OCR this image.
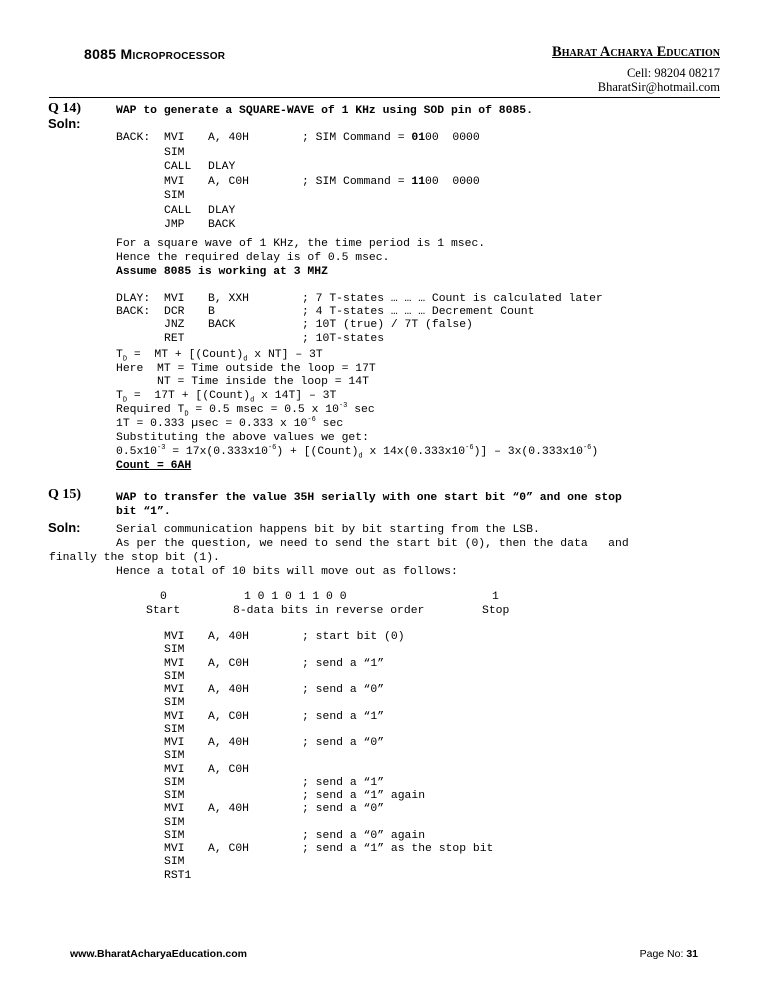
8085 Microprocessor	Bharat Acharya Education
Cell: 98204 08217
BharatSir@hotmail.com
Q 14)	WAP to generate a SQUARE-WAVE of 1 KHz using SOD pin of 8085.
Soln:
BACK: MVI A, 40H	; SIM Command = 0100  0000
SIM
CALL DLAY
MVI A, C0H	; SIM Command = 1100  0000
SIM
CALL DLAY
JMP BACK
For a square wave of 1 KHz, the time period is 1 msec.
Hence the required delay is of 0.5 msec.
Assume 8085 is working at 3 MHZ
DLAY: MVI B, XXH	; 7 T-states … … … Count is calculated later
BACK: DCR B	; 4 T-states … … … Decrement Count
JNZ BACK	; 10T (true) / 7T (false)
RET	; 10T-states
$T_D$ =  MT + [$(Count)_d$ x NT] – 3T
Here  MT = Time outside the loop = 17T
NT = Time inside the loop = 14T
$T_D = 17T$ + [$(Count)_d$ x 14T] – 3T
Required $T_D = 0.5$ msec = 0.5 x $10^{-3}$ sec
1T = 0.333 µsec = 0.333 x $10^{-6}$ sec
Substituting the above values we get:
$0.5x10^{-3} = 17x(0.333x10^{-6})$ + [$(Count)_d$ x $14x(0.333x10^{-6})] - 3x(0.333x10^{-6})$
Count = 6AH
Q 15)	WAP to transfer the value 35H serially with one start bit “0” and one stop
bit “1”.
Soln:	Serial communication happens bit by bit starting from the LSB.
As per the question, we need to send the start bit (0), then the data   and
finally the stop bit (1).
Hence a total of 10 bits will move out as follows:
0	1 0 1 0 1 1 0 0	1
Start	8-data bits in reverse order	Stop
MVI A, 40H	; start bit (0)
SIM
MVI A, C0H	; send a “1”
SIM
MVI A, 40H	; send a “0”
SIM
MVI A, C0H	; send a “1”
SIM
MVI A, 40H	; send a “0”
SIM
MVI A, C0H
SIM	; send a “1”
SIM	; send a “1” again
MVI A, 40H	; send a “0”
SIM
SIM	; send a “0” again
MVI A, C0H	; send a “1” as the stop bit
SIM
RST1
www.BharatAcharyaEducation.com	Page No: 31
